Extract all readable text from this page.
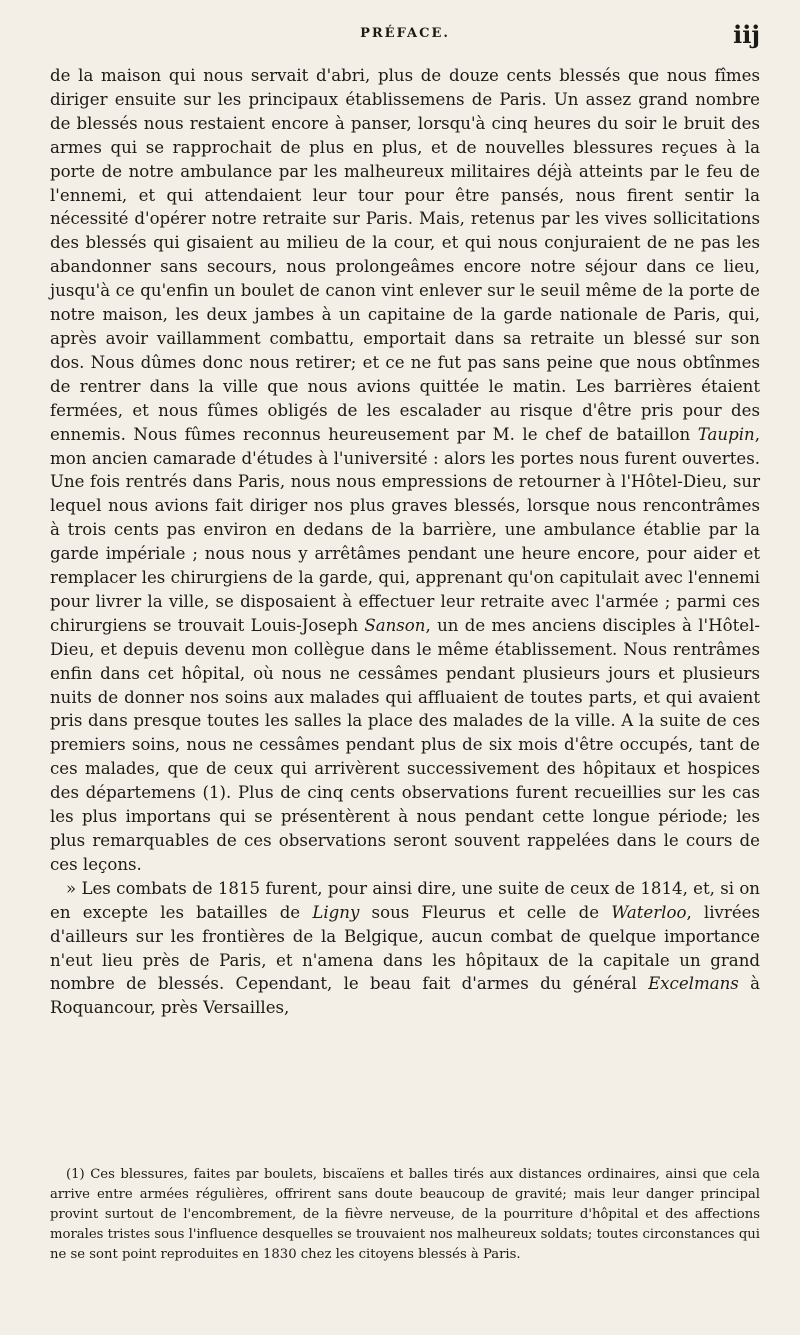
PRÉFACE.	iij

de la maison qui nous servait d'abri, plus de douze cents blessés que nous fîmes diriger ensuite sur les principaux établissemens de Paris. Un assez grand nombre de blessés nous restaient encore à panser, lorsqu'à cinq heures du soir le bruit des armes qui se rapprochait de plus en plus, et de nouvelles blessures reçues à la porte de notre ambulance par les malheureux militaires déjà atteints par le feu de l'ennemi, et qui attendaient leur tour pour être pansés, nous firent sentir la nécessité d'opérer notre retraite sur Paris. Mais, retenus par les vives sollicitations des blessés qui gisaient au milieu de la cour, et qui nous conjuraient de ne pas les abandonner sans secours, nous prolongeâmes encore notre séjour dans ce lieu, jusqu'à ce qu'enfin un boulet de canon vint enlever sur le seuil même de la porte de notre maison, les deux jambes à un capitaine de la garde nationale de Paris, qui, après avoir vaillamment combattu, emportait dans sa retraite un blessé sur son dos. Nous dûmes donc nous retirer; et ce ne fut pas sans peine que nous obtînmes de rentrer dans la ville que nous avions quittée le matin. Les barrières étaient fermées, et nous fûmes obligés de les escalader au risque d'être pris pour des ennemis. Nous fûmes reconnus heureusement par M. le chef de bataillon Taupin, mon ancien camarade d'études à l'université : alors les portes nous furent ouvertes. Une fois rentrés dans Paris, nous nous empressions de retourner à l'Hôtel-Dieu, sur lequel nous avions fait diriger nos plus graves blessés, lorsque nous rencontrâmes à trois cents pas environ en dedans de la barrière, une ambulance établie par la garde impériale ; nous nous y arrêtâmes pendant une heure encore, pour aider et remplacer les chirurgiens de la garde, qui, apprenant qu'on capitulait avec l'ennemi pour livrer la ville, se disposaient à effectuer leur retraite avec l'armée ; parmi ces chirurgiens se trouvait Louis-Joseph Sanson, un de mes anciens disciples à l'Hôtel-Dieu, et depuis devenu mon collègue dans le même établissement. Nous rentrâmes enfin dans cet hôpital, où nous ne cessâmes pendant plusieurs jours et plusieurs nuits de donner nos soins aux malades qui affluaient de toutes parts, et qui avaient pris dans presque toutes les salles la place des malades de la ville. A la suite de ces premiers soins, nous ne cessâmes pendant plus de six mois d'être occupés, tant de ces malades, que de ceux qui arrivèrent successivement des hôpitaux et hospices des départemens (1). Plus de cinq cents observations furent recueillies sur les cas les plus importans qui se présentèrent à nous pendant cette longue période; les plus remarquables de ces observations seront souvent rappelées dans le cours de ces leçons.

» Les combats de 1815 furent, pour ainsi dire, une suite de ceux de 1814, et, si on en excepte les batailles de Ligny sous Fleurus et celle de Waterloo, livrées d'ailleurs sur les frontières de la Belgique, aucun combat de quelque importance n'eut lieu près de Paris, et n'amena dans les hôpitaux de la capitale un grand nombre de blessés. Cependant, le beau fait d'armes du général Excelmans à Roquancour, près Versailles,

(1) Ces blessures, faites par boulets, biscaïens et balles tirés aux distances ordinaires, ainsi que cela arrive entre armées régulières, offrirent sans doute beaucoup de gravité; mais leur danger principal provint surtout de l'encombrement, de la fièvre nerveuse, de la pourriture d'hôpital et des affections morales tristes sous l'influence desquelles se trouvaient nos malheureux soldats; toutes circonstances qui ne se sont point reproduites en 1830 chez les citoyens blessés à Paris.
